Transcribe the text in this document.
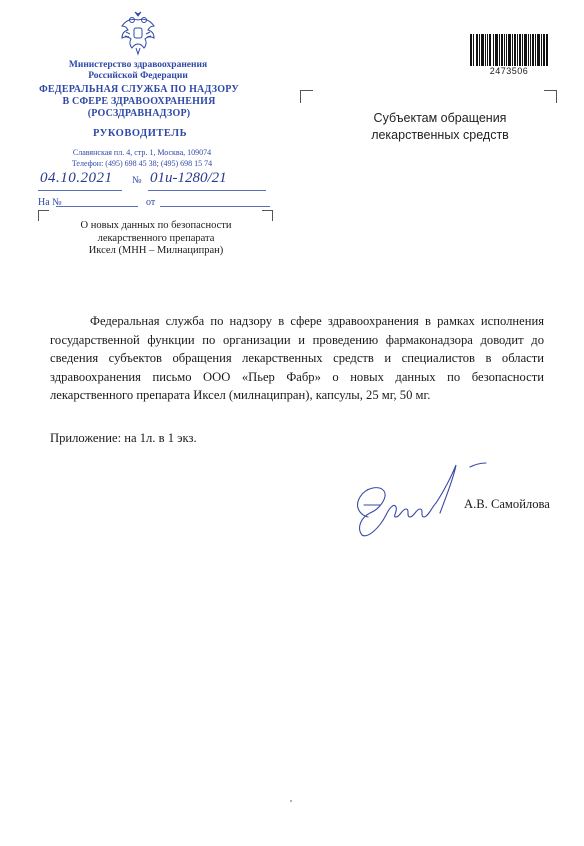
Министерство здравоохранения
Российской Федерации
ФЕДЕРАЛЬНАЯ СЛУЖБА ПО НАДЗОРУ
В СФЕРЕ ЗДРАВООХРАНЕНИЯ
(РОСЗДРАВНАДЗОР)
РУКОВОДИТЕЛЬ
Славянская пл. 4, стр. 1, Москва, 109074
Телефон: (495) 698 45 38; (495) 698 15 74
04.10.2021 № 01и-1280/21
На №	от
О новых данных по безопасности
лекарственного препарата
Иксел (МНН – Милнаципран)
Субъектам обращения
лекарственных средств
2473506
Федеральная служба по надзору в сфере здравоохранения в рамках исполнения государственной функции по организации и проведению фармаконадзора доводит до сведения субъектов обращения лекарственных средств и специалистов в области здравоохранения письмо ООО «Пьер Фабр» о новых данных по безопасности лекарственного препарата Иксел (милнаципран), капсулы, 25 мг, 50 мг.
Приложение: на 1л. в 1 экз.
А.В. Самойлова
